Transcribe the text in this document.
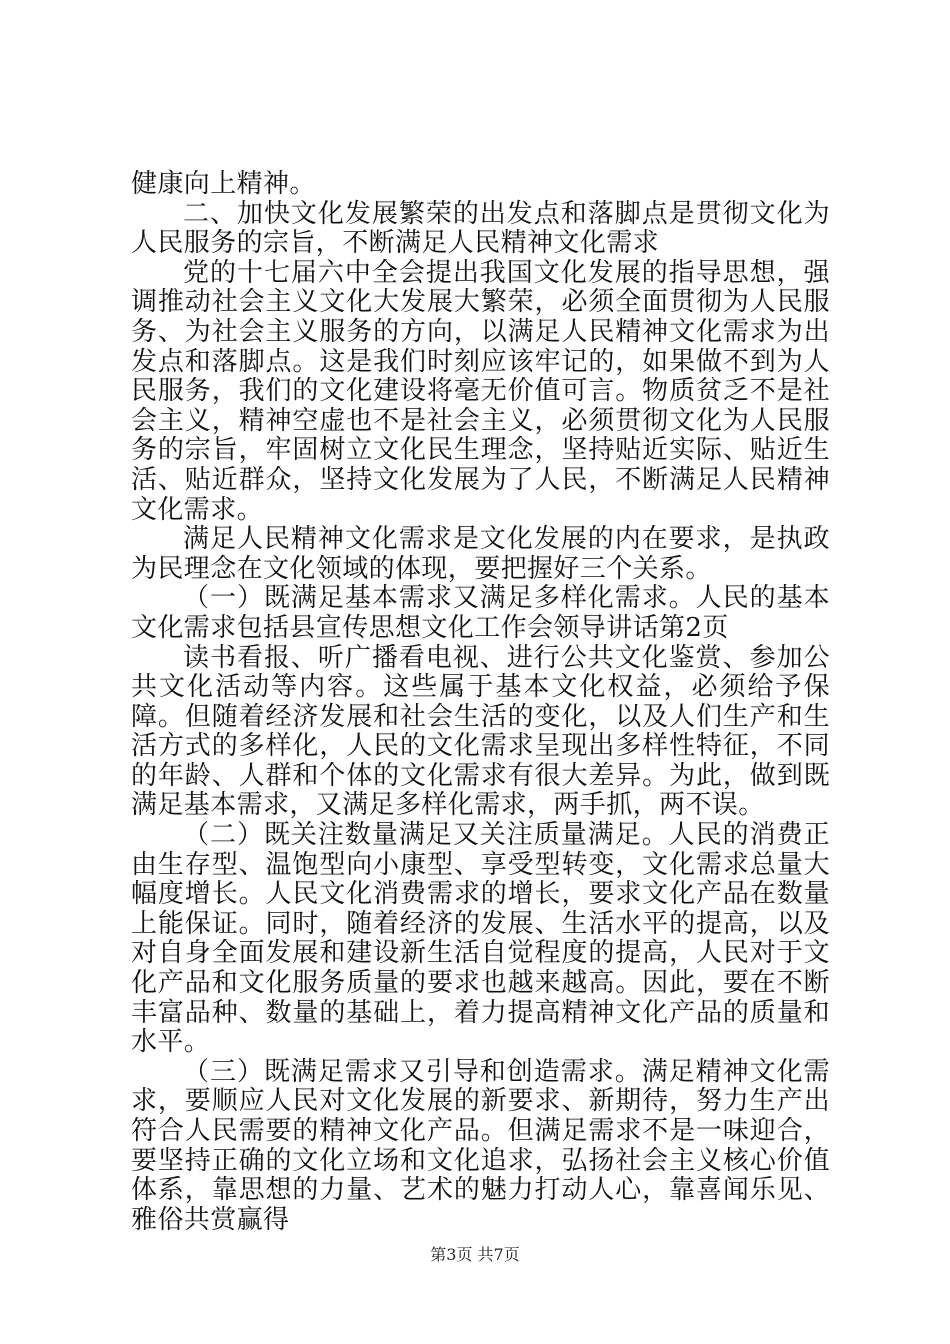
健康向上精神。

二、加快文化发展繁荣的出发点和落脚点是贯彻文化为人民服务的宗旨，不断满足人民精神文化需求

党的十七届六中全会提出我国文化发展的指导思想，强调推动社会主义文化大发展大繁荣，必须全面贯彻为人民服务、为社会主义服务的方向，以满足人民精神文化需求为出发点和落脚点。这是我们时刻应该牢记的，如果做不到为人民服务，我们的文化建设将毫无价值可言。物质贫乏不是社会主义，精神空虚也不是社会主义，必须贯彻文化为人民服务的宗旨，牢固树立文化民生理念，坚持贴近实际、贴近生活、贴近群众，坚持文化发展为了人民，不断满足人民精神文化需求。

满足人民精神文化需求是文化发展的内在要求，是执政为民理念在文化领域的体现，要把握好三个关系。

（一）既满足基本需求又满足多样化需求。人民的基本文化需求包括县宣传思想文化工作会领导讲话第2页

读书看报、听广播看电视、进行公共文化鉴赏、参加公共文化活动等内容。这些属于基本文化权益，必须给予保障。但随着经济发展和社会生活的变化，以及人们生产和生活方式的多样化，人民的文化需求呈现出多样性特征，不同的年龄、人群和个体的文化需求有很大差异。为此，做到既满足基本需求，又满足多样化需求，两手抓，两不误。

（二）既关注数量满足又关注质量满足。人民的消费正由生存型、温饱型向小康型、享受型转变，文化需求总量大幅度增长。人民文化消费需求的增长，要求文化产品在数量上能保证。同时，随着经济的发展、生活水平的提高，以及对自身全面发展和建设新生活自觉程度的提高，人民对于文化产品和文化服务质量的要求也越来越高。因此，要在不断丰富品种、数量的基础上，着力提高精神文化产品的质量和水平。

（三）既满足需求又引导和创造需求。满足精神文化需求，要顺应人民对文化发展的新要求、新期待，努力生产出符合人民需要的精神文化产品。但满足需求不是一味迎合，要坚持正确的文化立场和文化追求，弘扬社会主义核心价值体系，靠思想的力量、艺术的魅力打动人心，靠喜闻乐见、雅俗共赏赢得

第3页 共7页
